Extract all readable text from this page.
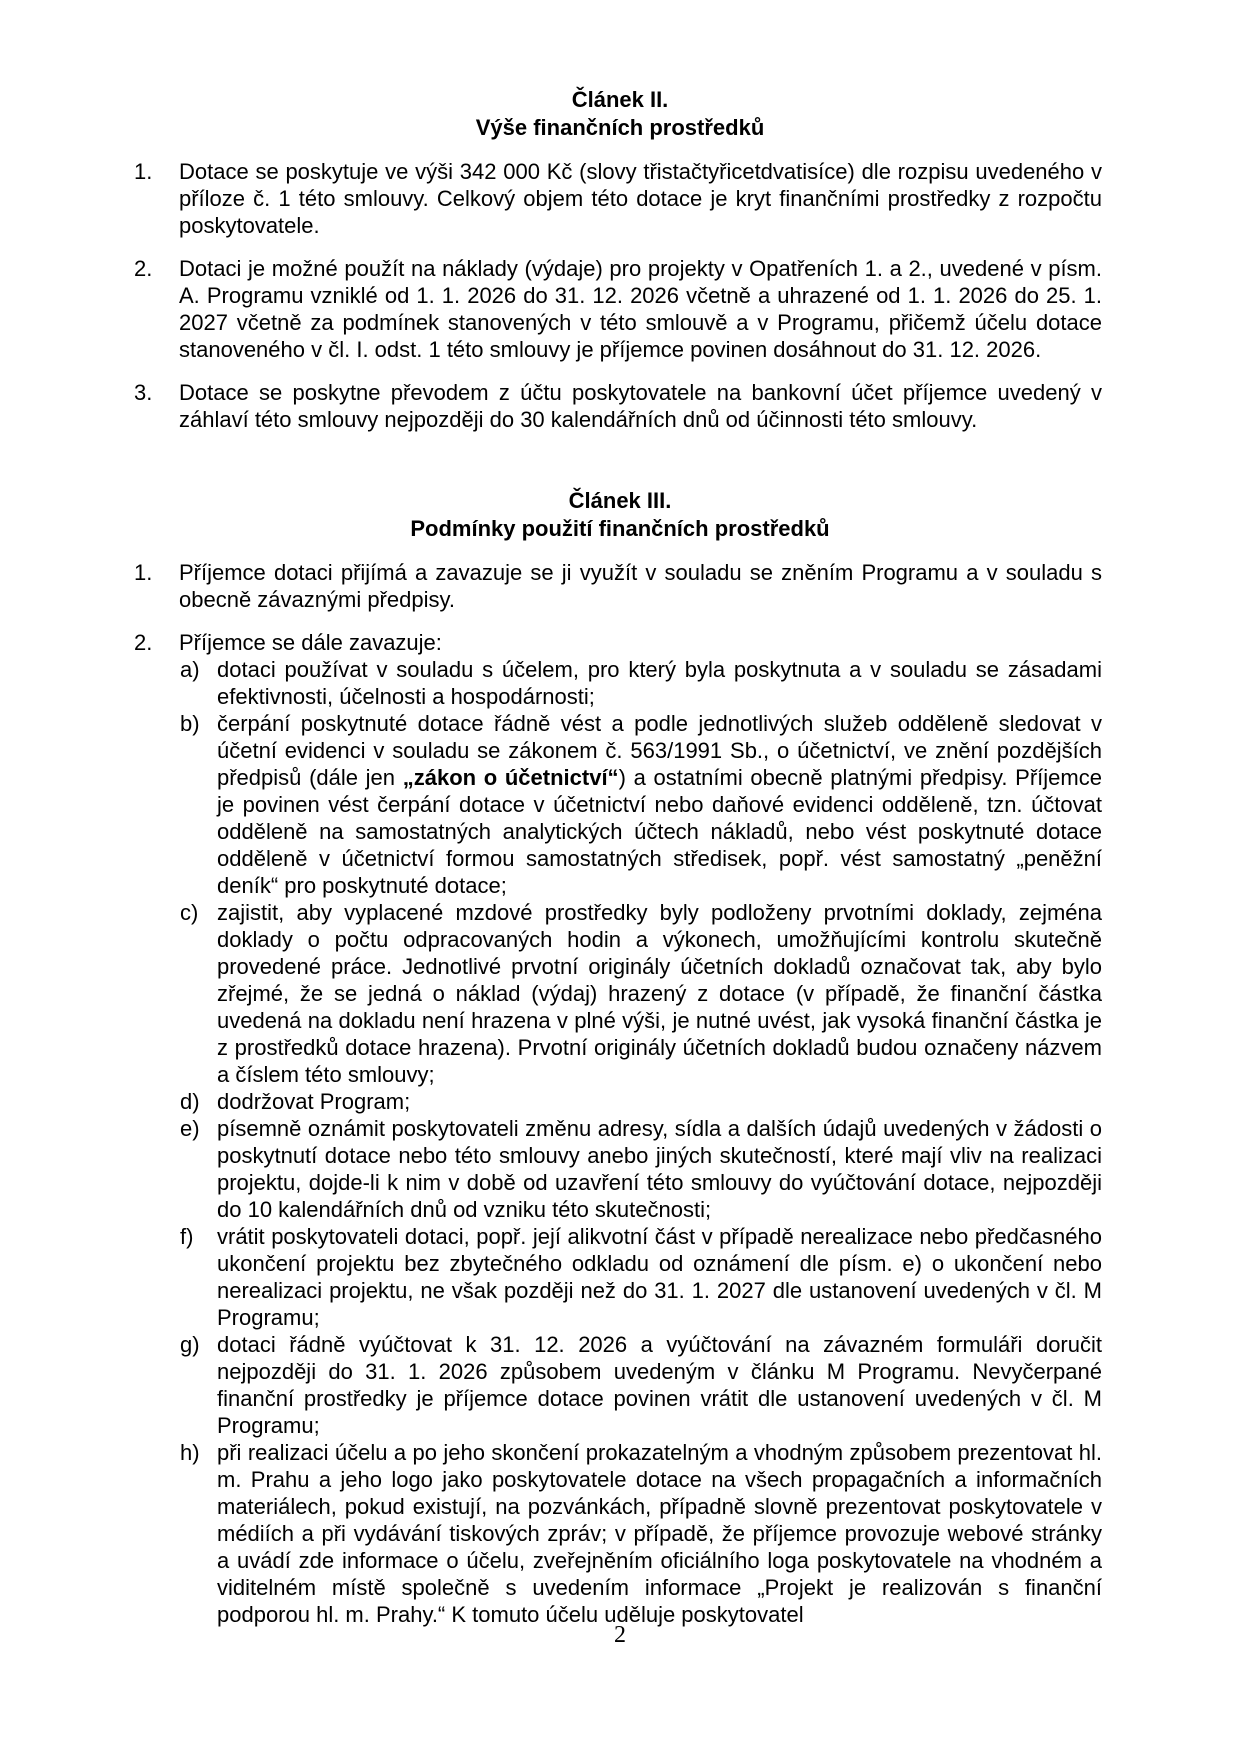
Článek II.

Výše finančních prostředků

1. Dotace se poskytuje ve výši 342 000 Kč (slovy třistačtyřicetdvatisíce) dle rozpisu uvedeného v příloze č. 1 této smlouvy. Celkový objem této dotace je kryt finančními prostředky z rozpočtu poskytovatele.
2. Dotaci je možné použít na náklady (výdaje) pro projekty v Opatřeních 1. a 2., uvedené v písm. A. Programu vzniklé od 1. 1. 2026 do 31. 12. 2026 včetně a uhrazené od 1. 1. 2026 do 25. 1. 2027 včetně za podmínek stanovených v této smlouvě a v Programu, přičemž účelu dotace stanoveného v čl. I. odst. 1 této smlouvy je příjemce povinen dosáhnout do 31. 12. 2026.
3. Dotace se poskytne převodem z účtu poskytovatele na bankovní účet příjemce uvedený v záhlaví této smlouvy nejpozději do 30 kalendářních dnů od účinnosti této smlouvy.

Článek III.

Podmínky použití finančních prostředků

1. Příjemce dotaci přijímá a zavazuje se ji využít v souladu se zněním Programu a v souladu s obecně závaznými předpisy.
2. Příjemce se dále zavazuje:
a) dotaci používat v souladu s účelem, pro který byla poskytnuta a v souladu se zásadami efektivnosti, účelnosti a hospodárnosti;
b) čerpání poskytnuté dotace řádně vést a podle jednotlivých služeb odděleně sledovat v účetní evidenci v souladu se zákonem č. 563/1991 Sb., o účetnictví, ve znění pozdějších předpisů (dále jen „zákon o účetnictví“) a ostatními obecně platnými předpisy. Příjemce je povinen vést čerpání dotace v účetnictví nebo daňové evidenci odděleně, tzn. účtovat odděleně na samostatných analytických účtech nákladů, nebo vést poskytnuté dotace odděleně v účetnictví formou samostatných středisek, popř. vést samostatný „peněžní deník“ pro poskytnuté dotace;
c) zajistit, aby vyplacené mzdové prostředky byly podloženy prvotními doklady, zejména doklady o počtu odpracovaných hodin a výkonech, umožňujícími kontrolu skutečně provedené práce. Jednotlivé prvotní originály účetních dokladů označovat tak, aby bylo zřejmé, že se jedná o náklad (výdaj) hrazený z dotace (v případě, že finanční částka uvedená na dokladu není hrazena v plné výši, je nutné uvést, jak vysoká finanční částka je z prostředků dotace hrazena). Prvotní originály účetních dokladů budou označeny názvem a číslem této smlouvy;
d) dodržovat Program;
e) písemně oznámit poskytovateli změnu adresy, sídla a dalších údajů uvedených v žádosti o poskytnutí dotace nebo této smlouvy anebo jiných skutečností, které mají vliv na realizaci projektu, dojde-li k nim v době od uzavření této smlouvy do vyúčtování dotace, nejpozději do 10 kalendářních dnů od vzniku této skutečnosti;
f) vrátit poskytovateli dotaci, popř. její alikvotní část v případě nerealizace nebo předčasného ukončení projektu bez zbytečného odkladu od oznámení dle písm. e) o ukončení nebo nerealizaci projektu, ne však později než do 31. 1. 2027 dle ustanovení uvedených v čl. M Programu;
g) dotaci řádně vyúčtovat k 31. 12. 2026 a vyúčtování na závazném formuláři doručit nejpozději do 31. 1. 2026 způsobem uvedeným v článku M Programu. Nevyčerpané finanční prostředky je příjemce dotace povinen vrátit dle ustanovení uvedených v čl. M Programu;
h) při realizaci účelu a po jeho skončení prokazatelným a vhodným způsobem prezentovat hl. m. Prahu a jeho logo jako poskytovatele dotace na všech propagačních a informačních materiálech, pokud existují, na pozvánkách, případně slovně prezentovat poskytovatele v médiích a při vydávání tiskových zpráv; v případě, že příjemce provozuje webové stránky a uvádí zde informace o účelu, zveřejněním oficiálního loga poskytovatele na vhodném a viditelném místě společně s uvedením informace „Projekt je realizován s finanční podporou hl. m. Prahy.“ K tomuto účelu uděluje poskytovatel
2
